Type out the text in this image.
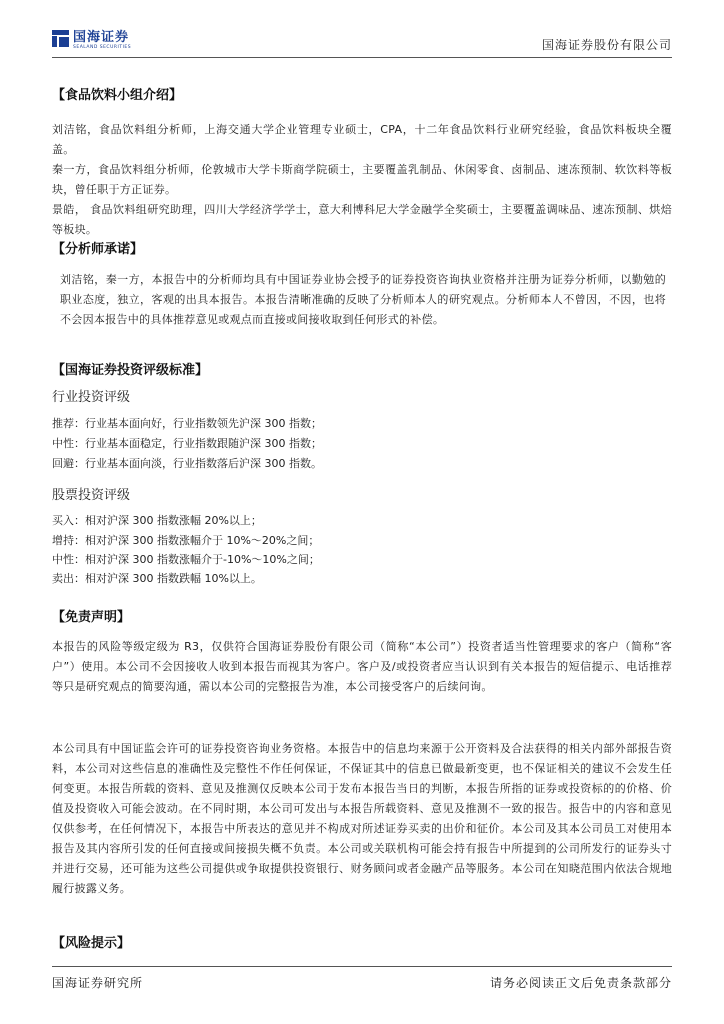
国海证券
SEALAND SECURITIES	国海证券股份有限公司
【食品饮料小组介绍】

刘洁铭，食品饮料组分析师，上海交通大学企业管理专业硕士，CPA，十二年食品饮料行业研究经验，食品饮料板块全覆盖。

秦一方，食品饮料组分析师，伦敦城市大学卡斯商学院硕士，主要覆盖乳制品、休闲零食、卤制品、速冻预制、软饮料等板块，曾任职于方正证券。

景皓， 食品饮料组研究助理，四川大学经济学学士，意大利博科尼大学金融学全奖硕士，主要覆盖调味品、速冻预制、烘焙等板块。

【分析师承诺】

刘洁铭，秦一方，本报告中的分析师均具有中国证券业协会授予的证券投资咨询执业资格并注册为证券分析师，以勤勉的职业态度，独立，客观的出具本报告。本报告清晰准确的反映了分析师本人的研究观点。分析师本人不曾因，不因，也将不会因本报告中的具体推荐意见或观点而直接或间接收取到任何形式的补偿。

【国海证券投资评级标准】
行业投资评级
推荐：行业基本面向好，行业指数领先沪深 300 指数；
中性：行业基本面稳定，行业指数跟随沪深 300 指数；
回避：行业基本面向淡，行业指数落后沪深 300 指数。
股票投资评级
买入：相对沪深 300 指数涨幅 20%以上；
增持：相对沪深 300 指数涨幅介于 10%～20%之间；
中性：相对沪深 300 指数涨幅介于-10%～10%之间；
卖出：相对沪深 300 指数跌幅 10%以上。
【免责声明】

本报告的风险等级定级为 R3，仅供符合国海证券股份有限公司（简称“本公司”）投资者适当性管理要求的客户（简称“客户”）使用。本公司不会因接收人收到本报告而视其为客户。客户及/或投资者应当认识到有关本报告的短信提示、电话推荐等只是研究观点的简要沟通，需以本公司的完整报告为准，本公司接受客户的后续问询。

本公司具有中国证监会许可的证券投资咨询业务资格。本报告中的信息均来源于公开资料及合法获得的相关内部外部报告资料，本公司对这些信息的准确性及完整性不作任何保证，不保证其中的信息已做最新变更，也不保证相关的建议不会发生任何变更。本报告所载的资料、意见及推测仅反映本公司于发布本报告当日的判断，本报告所指的证券或投资标的的价格、价值及投资收入可能会波动。在不同时期，本公司可发出与本报告所载资料、意见及推测不一致的报告。报告中的内容和意见仅供参考，在任何情况下，本报告中所表达的意见并不构成对所述证券买卖的出价和征价。本公司及其本公司员工对使用本报告及其内容所引发的任何直接或间接损失概不负责。本公司或关联机构可能会持有报告中所提到的公司所发行的证券头寸并进行交易，还可能为这些公司提供或争取提供投资银行、财务顾问或者金融产品等服务。本公司在知晓范围内依法合规地履行披露义务。

【风险提示】
国海证券研究所	请务必阅读正文后免责条款部分
